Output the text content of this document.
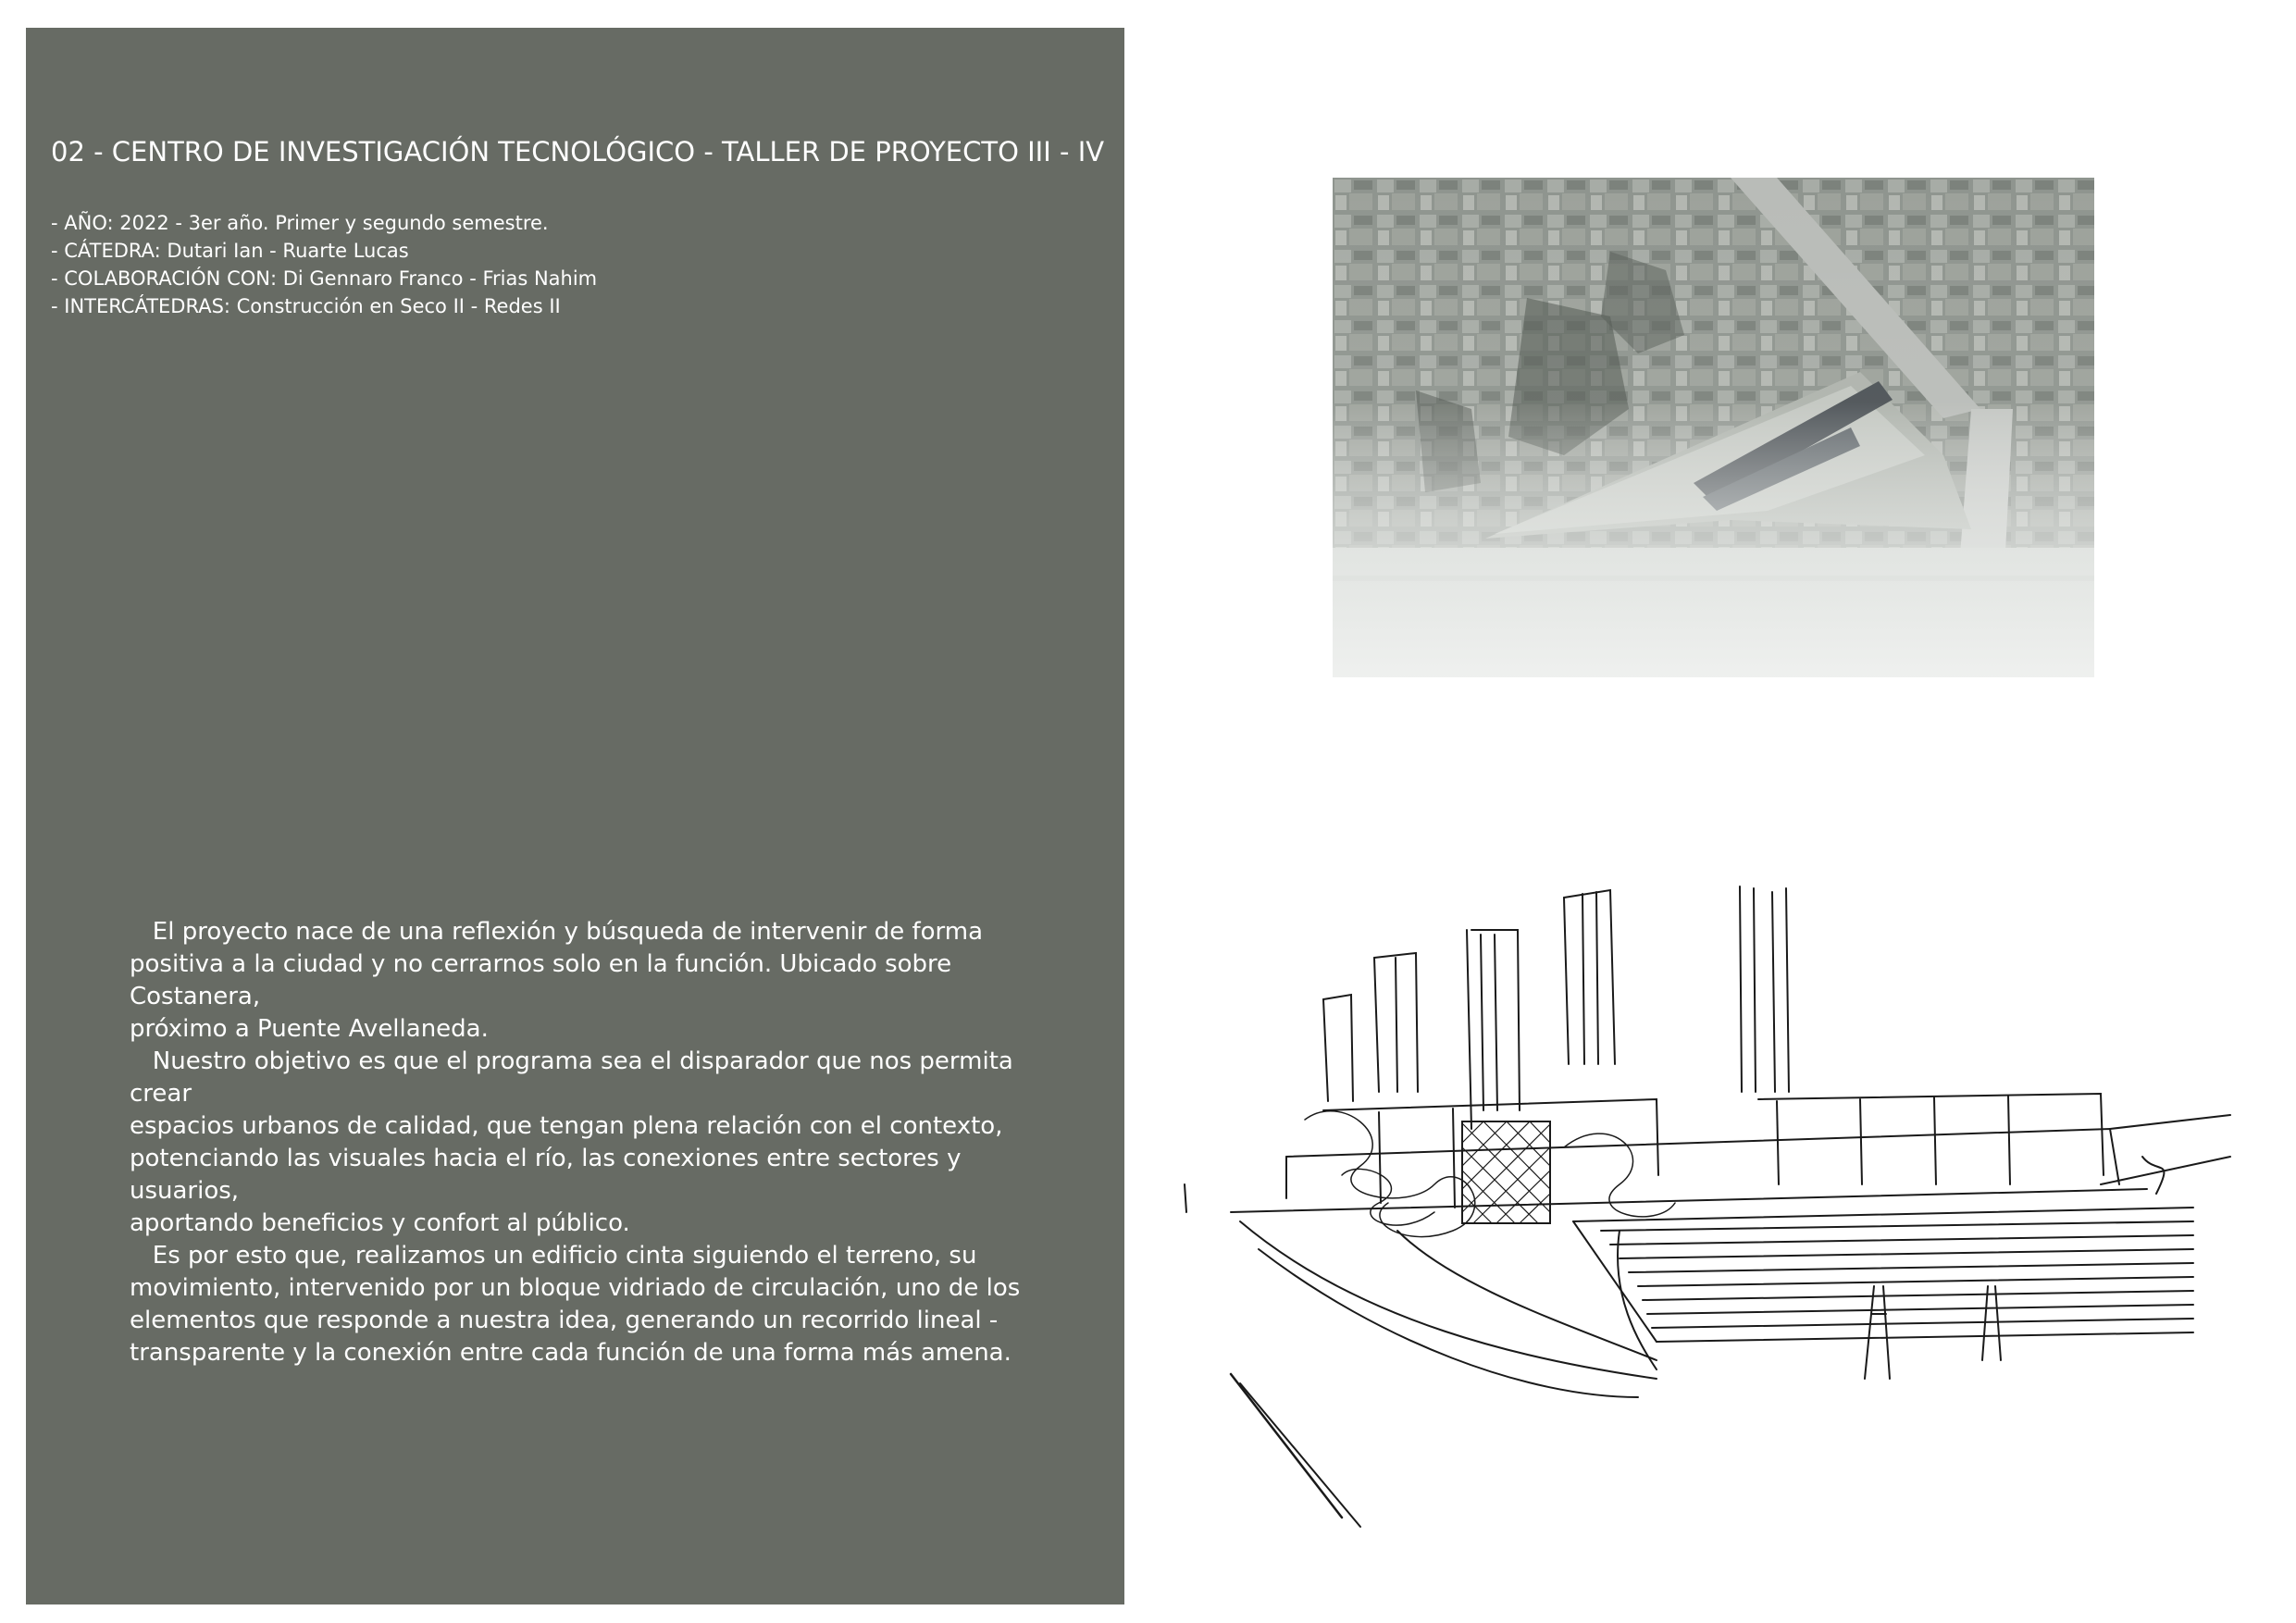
02 - CENTRO DE INVESTIGACIÓN TECNOLÓGICO - TALLER DE PROYECTO III - IV
- AÑO: 2022 - 3er año. Primer y segundo semestre.
- CÁTEDRA: Dutari Ian - Ruarte Lucas
- COLABORACIÓN CON: Di Gennaro Franco - Frias Nahim
- INTERCÁTEDRAS: Construcción en Seco II - Redes II
El proyecto nace de una reflexión y búsqueda de intervenir de forma
positiva a la ciudad y no cerrarnos solo en la función. Ubicado sobre
Costanera,
próximo a Puente Avellaneda.
Nuestro objetivo es que el programa sea el disparador que nos permita crear
espacios urbanos de calidad, que tengan plena relación con el contexto,
potenciando las visuales hacia el río, las conexiones entre sectores y usuarios,
aportando beneficios y confort al público.
Es por esto que, realizamos un edificio cinta siguiendo el terreno, su
movimiento, intervenido por un bloque vidriado de circulación, uno de los
elementos que responde a nuestra idea, generando un recorrido lineal -
transparente y la conexión entre cada función de una forma más amena.
